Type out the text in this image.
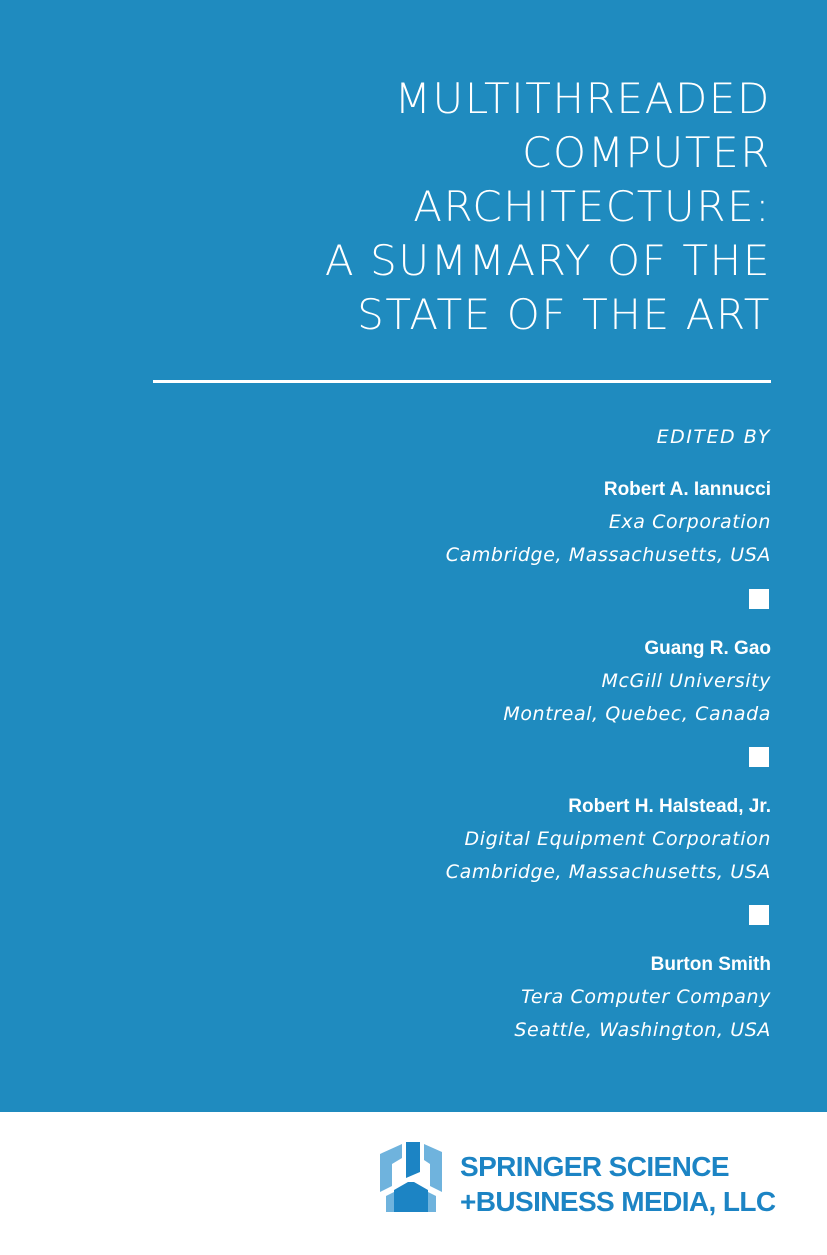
MULTITHREADED
COMPUTER
ARCHITECTURE:
A SUMMARY OF THE
STATE OF THE ART
EDITED BY
Robert A. Iannucci
Exa Corporation
Cambridge, Massachusetts, USA
Guang R. Gao
McGill University
Montreal, Quebec, Canada
Robert H. Halstead, Jr.
Digital Equipment Corporation
Cambridge, Massachusetts, USA
Burton Smith
Tera Computer Company
Seattle, Washington, USA
SPRINGER SCIENCE
+BUSINESS MEDIA, LLC
